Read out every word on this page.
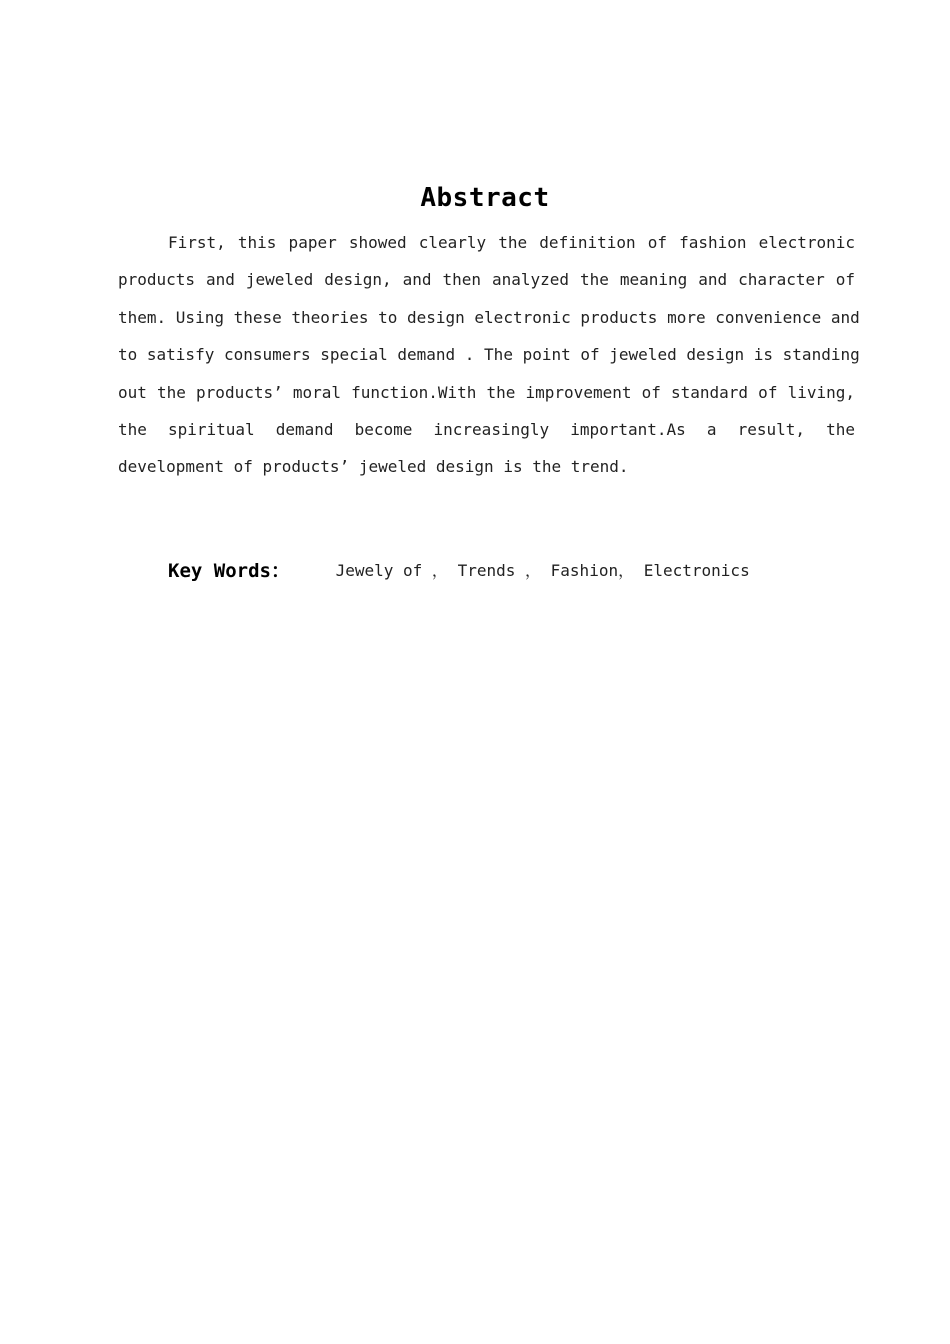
Abstract
First, this paper showed clearly the definition of fashion electronic
products and jeweled design, and then analyzed the meaning and character of
them. Using these theories to design electronic products more convenience and
to satisfy consumers special demand . The point of jeweled design is standing
out the products’ moral function.With the improvement of standard of living,
the spiritual demand become increasingly important.As a result, the
development of products’ jeweled design is the trend.
Key Words：	Jewely of ， Trends ， Fashion， Electronics
